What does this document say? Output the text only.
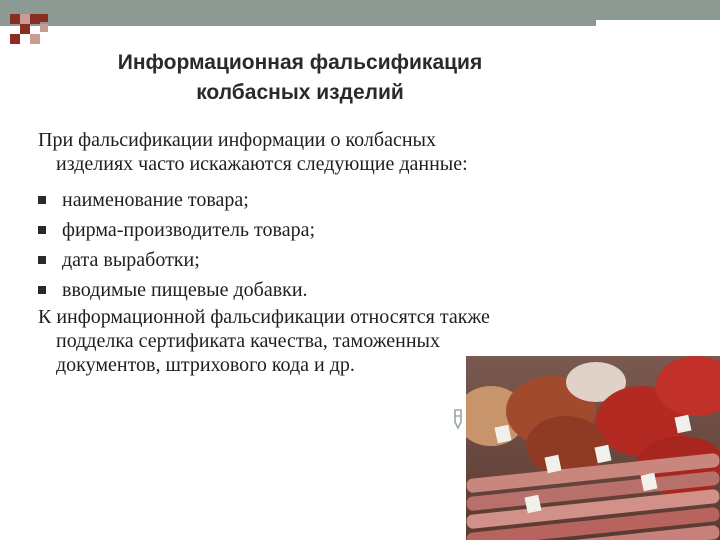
Информационная фальсификация
колбасных изделий
При фальсификации информации о колбасных
изделиях часто искажаются следующие данные:
наименование товара;
фирма-производитель товара;
дата выработки;
вводимые пищевые добавки.
К информационной фальсификации относятся также
подделка сертификата качества, таможенных
документов, штрихового кода и др.
